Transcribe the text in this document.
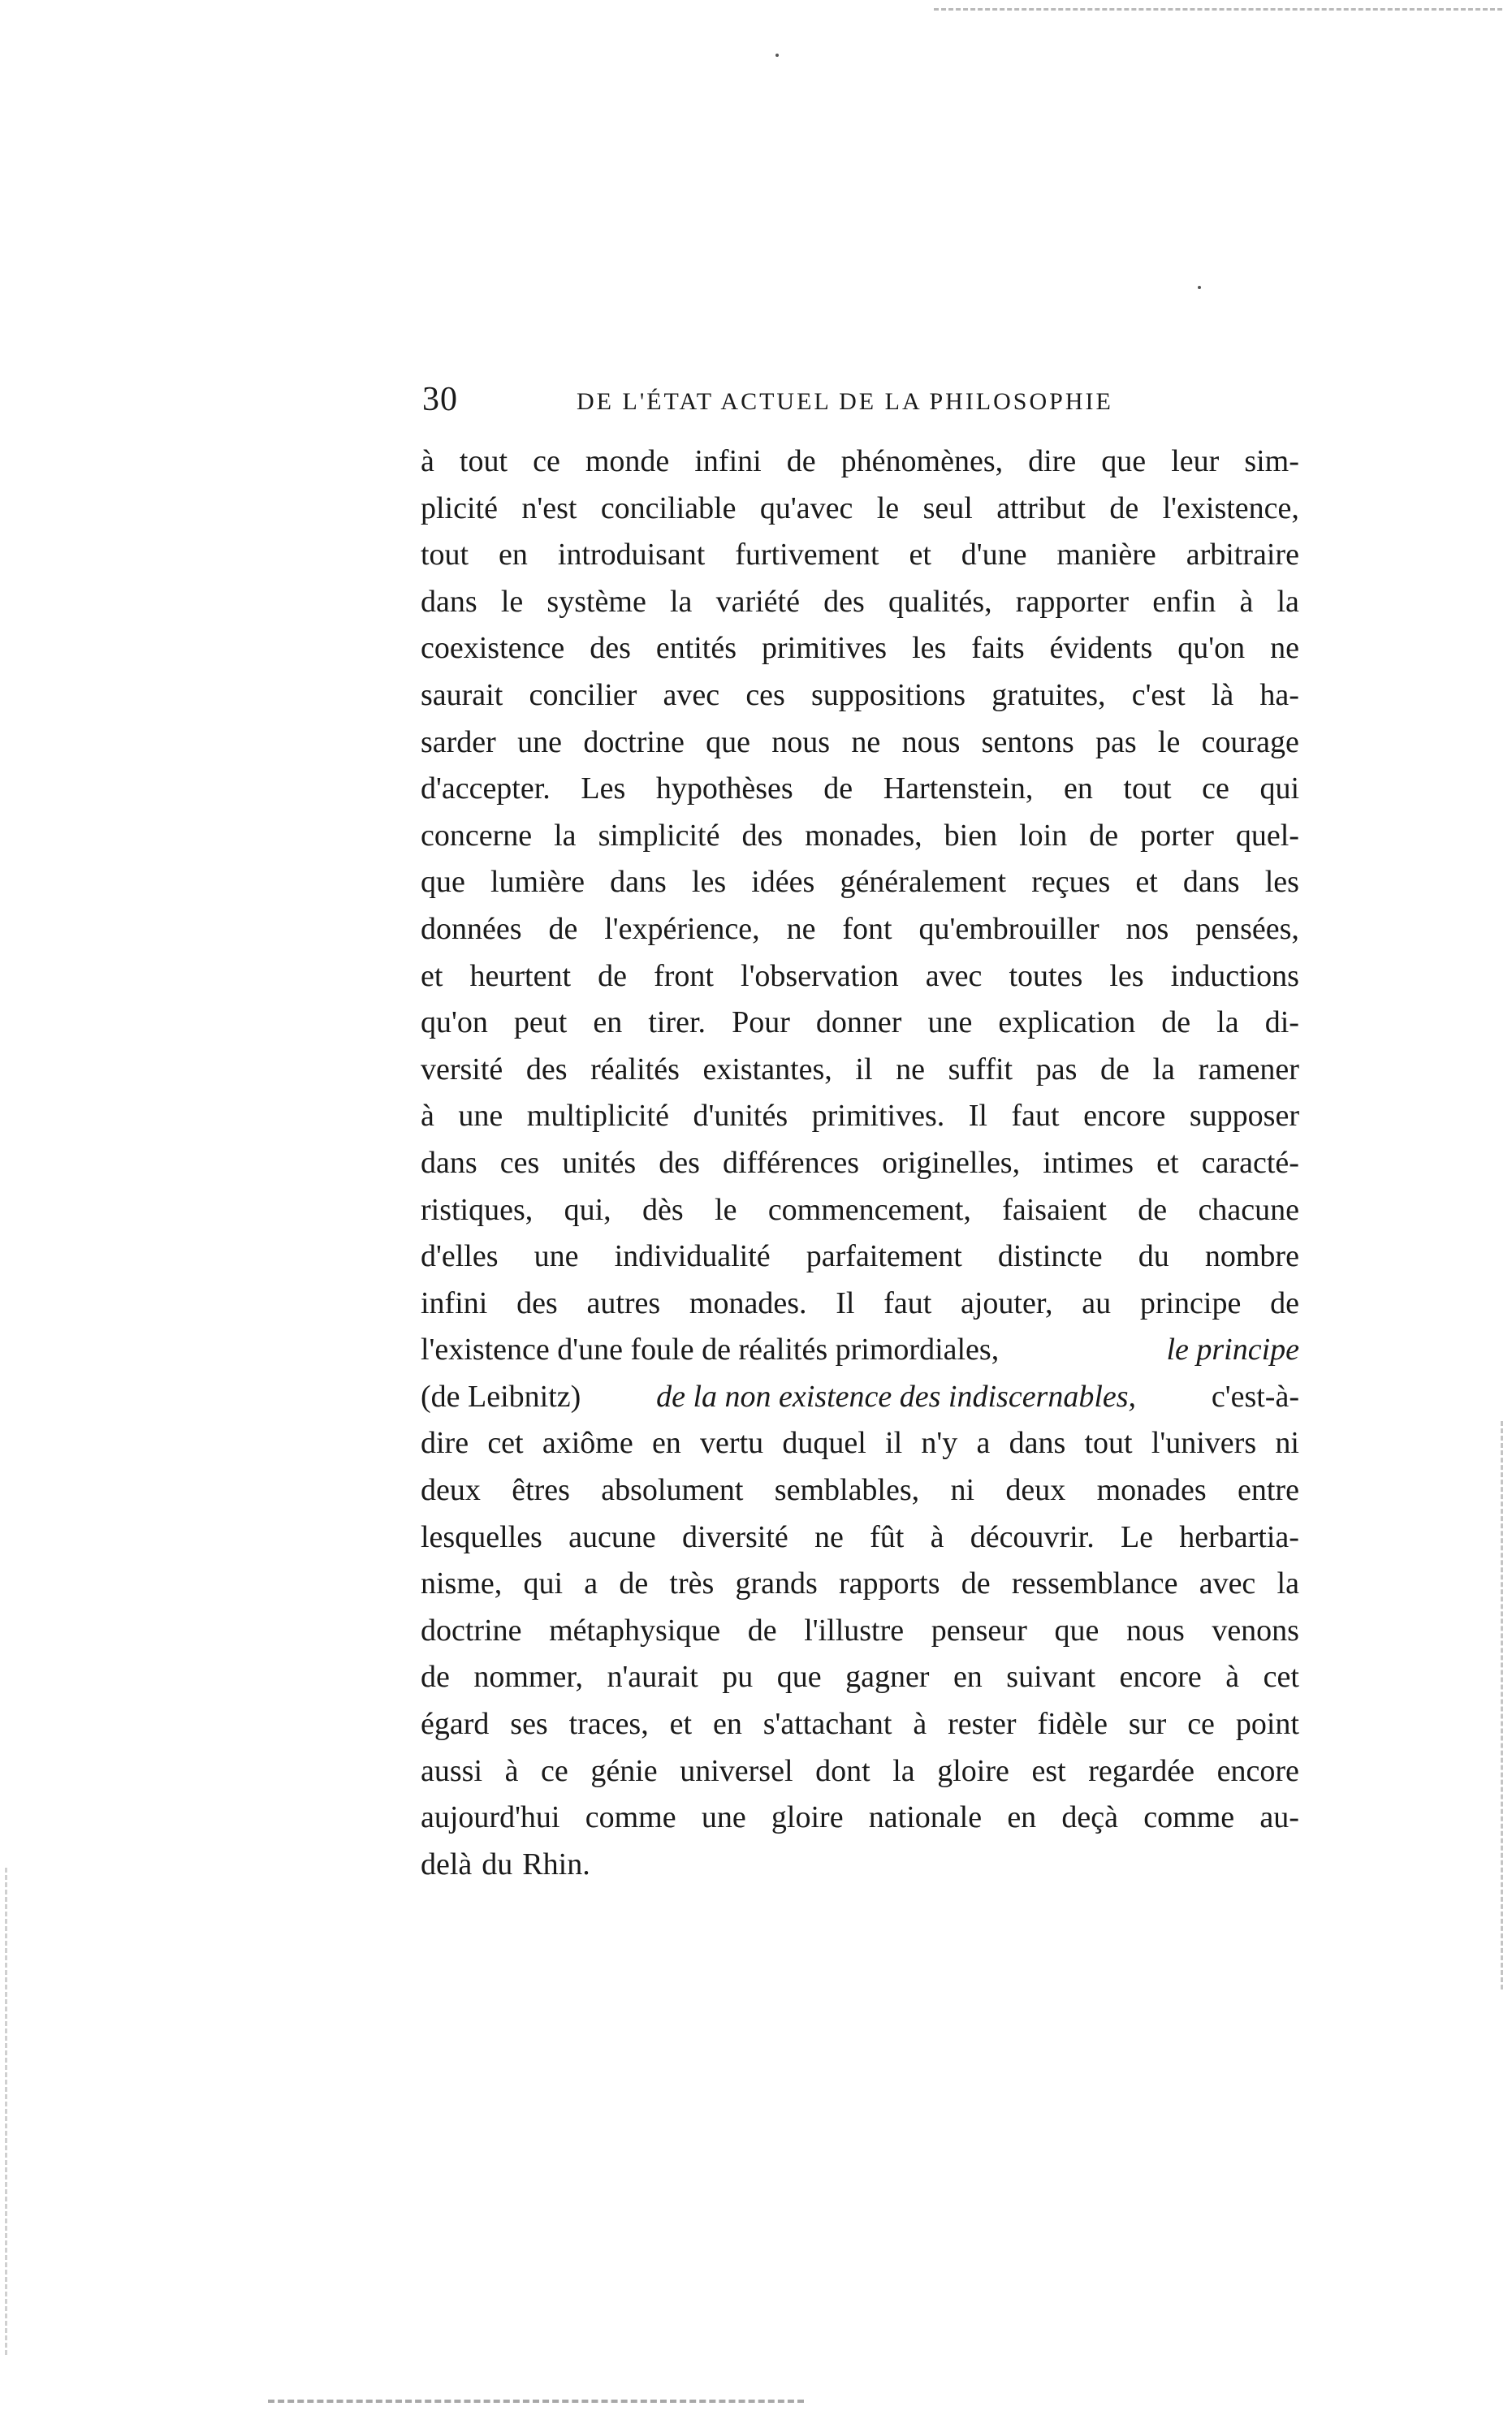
30	DE L'ÉTAT ACTUEL DE LA PHILOSOPHIE
à tout ce monde infini de phénomènes, dire que leur sim-
plicité n'est conciliable qu'avec le seul attribut de l'existence,
tout en introduisant furtivement et d'une manière arbitraire
dans le système la variété des qualités, rapporter enfin à la
coexistence des entités primitives les faits évidents qu'on ne
saurait concilier avec ces suppositions gratuites, c'est là ha-
sarder une doctrine que nous ne nous sentons pas le courage
d'accepter. Les hypothèses de Hartenstein, en tout ce qui
concerne la simplicité des monades, bien loin de porter quel-
que lumière dans les idées généralement reçues et dans les
données de l'expérience, ne font qu'embrouiller nos pensées,
et heurtent de front l'observation avec toutes les inductions
qu'on peut en tirer. Pour donner une explication de la di-
versité des réalités existantes, il ne suffit pas de la ramener
à une multiplicité d'unités primitives. Il faut encore supposer
dans ces unités des différences originelles, intimes et caracté-
ristiques, qui, dès le commencement, faisaient de chacune
d'elles une individualité parfaitement distincte du nombre
infini des autres monades. Il faut ajouter, au principe de
l'existence d'une foule de réalités primordiales,	le principe
(de Leibnitz) de la non existence des indiscernables, c'est-à-
dire cet axiôme en vertu duquel il n'y a dans tout l'univers ni
deux êtres absolument semblables, ni deux monades entre
lesquelles aucune diversité ne fût à découvrir. Le herbartia-
nisme, qui a de très grands rapports de ressemblance avec la
doctrine métaphysique de l'illustre penseur que nous venons
de nommer, n'aurait pu que gagner en suivant encore à cet
égard ses traces, et en s'attachant à rester fidèle sur ce point
aussi à ce génie universel dont la gloire est regardée encore
aujourd'hui comme une gloire nationale en deçà comme au-
delà du Rhin.
